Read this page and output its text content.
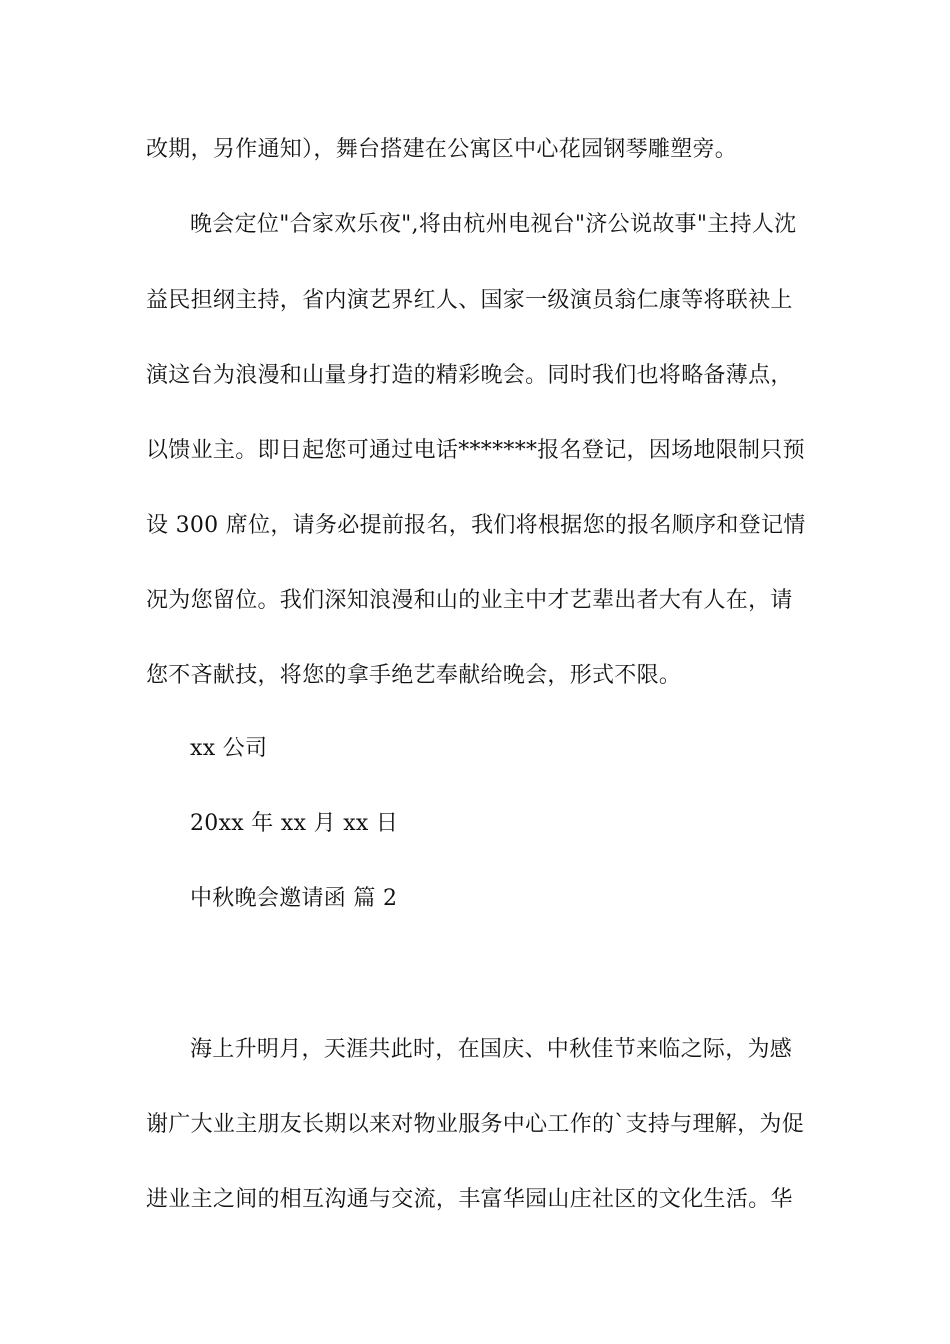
改期，另作通知），舞台搭建在公寓区中心花园钢琴雕塑旁。
晚会定位"合家欢乐夜",将由杭州电视台"济公说故事"主持人沈
益民担纲主持，省内演艺界红人、国家一级演员翁仁康等将联袂上
演这台为浪漫和山量身打造的精彩晚会。同时我们也将略备薄点，
以馈业主。即日起您可通过电话*******报名登记，因场地限制只预
设 300 席位，请务必提前报名，我们将根据您的报名顺序和登记情
况为您留位。我们深知浪漫和山的业主中才艺辈出者大有人在，请
您不吝献技，将您的拿手绝艺奉献给晚会，形式不限。
xx 公司
20xx 年 xx 月 xx 日
中秋晚会邀请函 篇 2
海上升明月，天涯共此时，在国庆、中秋佳节来临之际，为感
谢广大业主朋友长期以来对物业服务中心工作的`支持与理解，为促
进业主之间的相互沟通与交流，丰富华园山庄社区的文化生活。华
